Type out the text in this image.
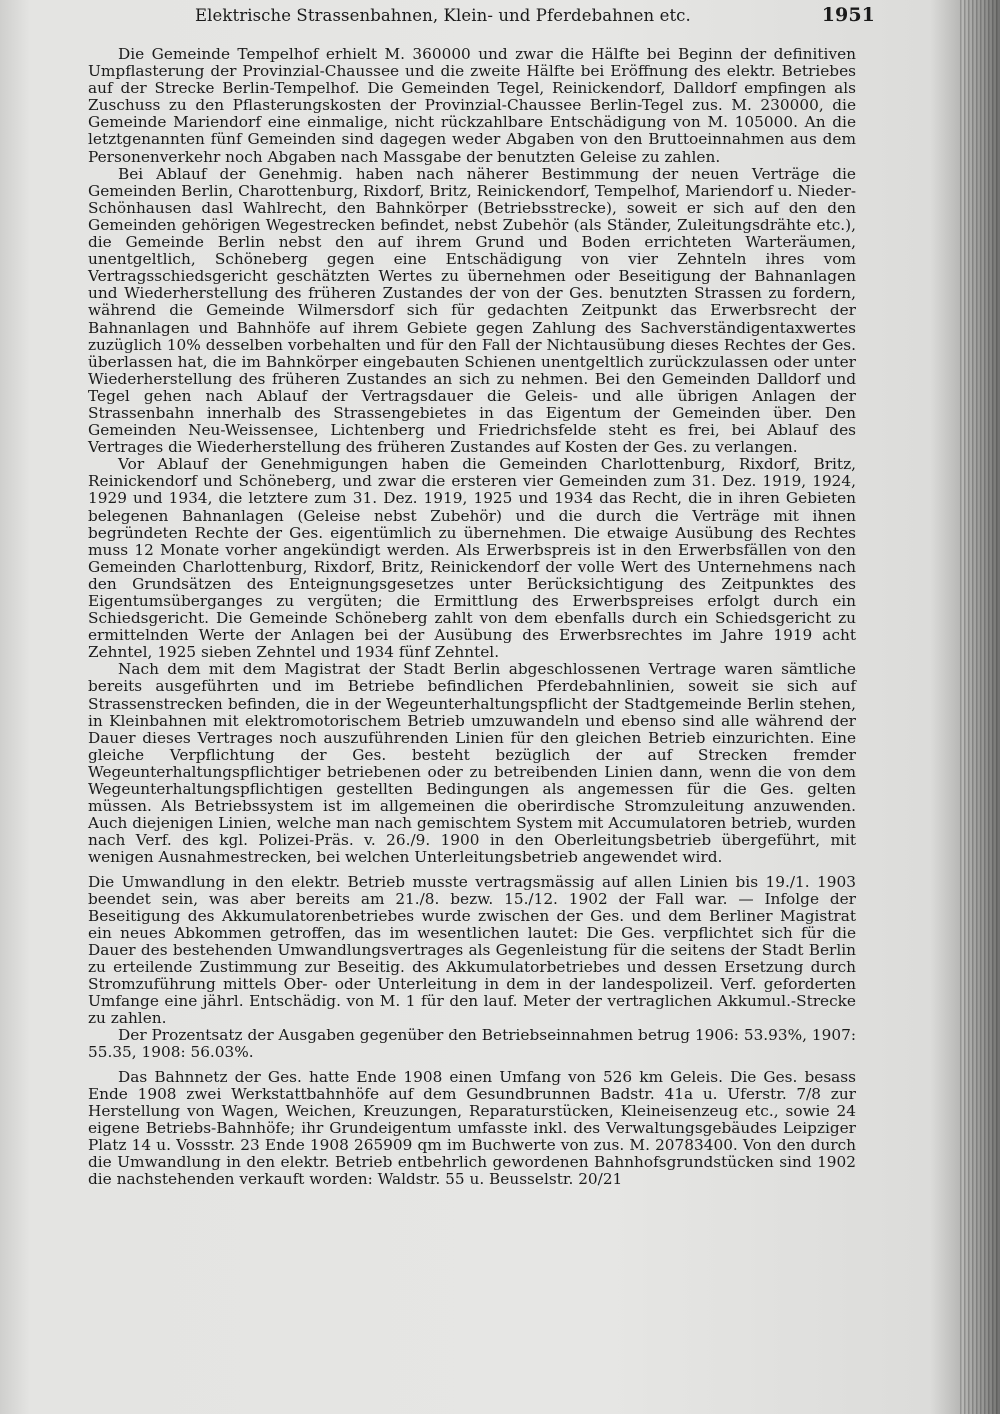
Elektrische Strassenbahnen, Klein- und Pferdebahnen etc.	1951

Die Gemeinde Tempelhof erhielt M. 360000 und zwar die Hälfte bei Beginn der definitiven Umpflasterung der Provinzial-Chaussee und die zweite Hälfte bei Eröffnung des elektr. Betriebes auf der Strecke Berlin-Tempelhof. Die Gemeinden Tegel, Reinickendorf, Dalldorf empfingen als Zuschuss zu den Pflasterungskosten der Provinzial-Chaussee Berlin-Tegel zus. M. 230000, die Gemeinde Mariendorf eine einmalige, nicht rückzahlbare Entschädigung von M. 105000. An die letztgenannten fünf Gemeinden sind dagegen weder Abgaben von den Bruttoeinnahmen aus dem Personenverkehr noch Abgaben nach Massgabe der benutzten Geleise zu zahlen.

Bei Ablauf der Genehmig. haben nach näherer Bestimmung der neuen Verträge die Gemeinden Berlin, Charottenburg, Rixdorf, Britz, Reinickendorf, Tempelhof, Mariendorf u. Nieder-Schönhausen dasl Wahlrecht, den Bahnkörper (Betriebsstrecke), soweit er sich auf den den Gemeinden gehörigen Wegestrecken befindet, nebst Zubehör (als Ständer, Zuleitungsdrähte etc.), die Gemeinde Berlin nebst den auf ihrem Grund und Boden errichteten Warteräumen, unentgeltlich, Schöneberg gegen eine Entschädigung von vier Zehnteln ihres vom Vertragsschiedsgericht geschätzten Wertes zu übernehmen oder Beseitigung der Bahnanlagen und Wiederherstellung des früheren Zustandes der von der Ges. benutzten Strassen zu fordern, während die Gemeinde Wilmersdorf sich für gedachten Zeitpunkt das Erwerbsrecht der Bahnanlagen und Bahnhöfe auf ihrem Gebiete gegen Zahlung des Sachverständigentaxwertes zuzüglich 10% desselben vorbehalten und für den Fall der Nichtausübung dieses Rechtes der Ges. überlassen hat, die im Bahnkörper eingebauten Schienen unentgeltlich zurückzulassen oder unter Wiederherstellung des früheren Zustandes an sich zu nehmen. Bei den Gemeinden Dalldorf und Tegel gehen nach Ablauf der Vertragsdauer die Geleis- und alle übrigen Anlagen der Strassenbahn innerhalb des Strassengebietes in das Eigentum der Gemeinden über. Den Gemeinden Neu-Weissensee, Lichtenberg und Friedrichsfelde steht es frei, bei Ablauf des Vertrages die Wiederherstellung des früheren Zustandes auf Kosten der Ges. zu verlangen.

Vor Ablauf der Genehmigungen haben die Gemeinden Charlottenburg, Rixdorf, Britz, Reinickendorf und Schöneberg, und zwar die ersteren vier Gemeinden zum 31. Dez. 1919, 1924, 1929 und 1934, die letztere zum 31. Dez. 1919, 1925 und 1934 das Recht, die in ihren Gebieten belegenen Bahnanlagen (Geleise nebst Zubehör) und die durch die Verträge mit ihnen begründeten Rechte der Ges. eigentümlich zu übernehmen. Die etwaige Ausübung des Rechtes muss 12 Monate vorher angekündigt werden. Als Erwerbspreis ist in den Erwerbsfällen von den Gemeinden Charlottenburg, Rixdorf, Britz, Reinickendorf der volle Wert des Unternehmens nach den Grundsätzen des Enteignungsgesetzes unter Berücksichtigung des Zeitpunktes des Eigentumsüberganges zu vergüten; die Ermittlung des Erwerbspreises erfolgt durch ein Schiedsgericht. Die Gemeinde Schöneberg zahlt von dem ebenfalls durch ein Schiedsgericht zu ermittelnden Werte der Anlagen bei der Ausübung des Erwerbsrechtes im Jahre 1919 acht Zehntel, 1925 sieben Zehntel und 1934 fünf Zehntel.

Nach dem mit dem Magistrat der Stadt Berlin abgeschlossenen Vertrage waren sämtliche bereits ausgeführten und im Betriebe befindlichen Pferdebahnlinien, soweit sie sich auf Strassenstrecken befinden, die in der Wegeunterhaltungspflicht der Stadtgemeinde Berlin stehen, in Kleinbahnen mit elektromotorischem Betrieb umzuwandeln und ebenso sind alle während der Dauer dieses Vertrages noch auszuführenden Linien für den gleichen Betrieb einzurichten. Eine gleiche Verpflichtung der Ges. besteht bezüglich der auf Strecken fremder Wegeunterhaltungspflichtiger betriebenen oder zu betreibenden Linien dann, wenn die von dem Wegeunterhaltungspflichtigen gestellten Bedingungen als angemessen für die Ges. gelten müssen. Als Betriebssystem ist im allgemeinen die oberirdische Stromzuleitung anzuwenden. Auch diejenigen Linien, welche man nach gemischtem System mit Accumulatoren betrieb, wurden nach Verf. des kgl. Polizei-Präs. v. 26./9. 1900 in den Oberleitungsbetrieb übergeführt, mit wenigen Ausnahmestrecken, bei welchen Unterleitungsbetrieb angewendet wird.

Die Umwandlung in den elektr. Betrieb musste vertragsmässig auf allen Linien bis 19./1. 1903 beendet sein, was aber bereits am 21./8. bezw. 15./12. 1902 der Fall war. — Infolge der Beseitigung des Akkumulatorenbetriebes wurde zwischen der Ges. und dem Berliner Magistrat ein neues Abkommen getroffen, das im wesentlichen lautet: Die Ges. verpflichtet sich für die Dauer des bestehenden Umwandlungsvertrages als Gegenleistung für die seitens der Stadt Berlin zu erteilende Zustimmung zur Beseitig. des Akkumulatorbetriebes und dessen Ersetzung durch Stromzuführung mittels Ober- oder Unterleitung in dem in der landespolizeil. Verf. geforderten Umfange eine jährl. Entschädig. von M. 1 für den lauf. Meter der vertraglichen Akkumul.-Strecke zu zahlen.

Der Prozentsatz der Ausgaben gegenüber den Betriebseinnahmen betrug 1906: 53.93%, 1907: 55.35, 1908: 56.03%.

Das Bahnnetz der Ges. hatte Ende 1908 einen Umfang von 526 km Geleis. Die Ges. besass Ende 1908 zwei Werkstattbahnhöfe auf dem Gesundbrunnen Badstr. 41a u. Uferstr. 7/8 zur Herstellung von Wagen, Weichen, Kreuzungen, Reparaturstücken, Kleineisenzeug etc., sowie 24 eigene Betriebs-Bahnhöfe; ihr Grundeigentum umfasste inkl. des Verwaltungsgebäudes Leipziger Platz 14 u. Vossstr. 23 Ende 1908 265909 qm im Buchwerte von zus. M. 20783400. Von den durch die Umwandlung in den elektr. Betrieb entbehrlich gewordenen Bahnhofsgrundstücken sind 1902 die nachstehenden verkauft worden: Waldstr. 55 u. Beusselstr. 20/21
